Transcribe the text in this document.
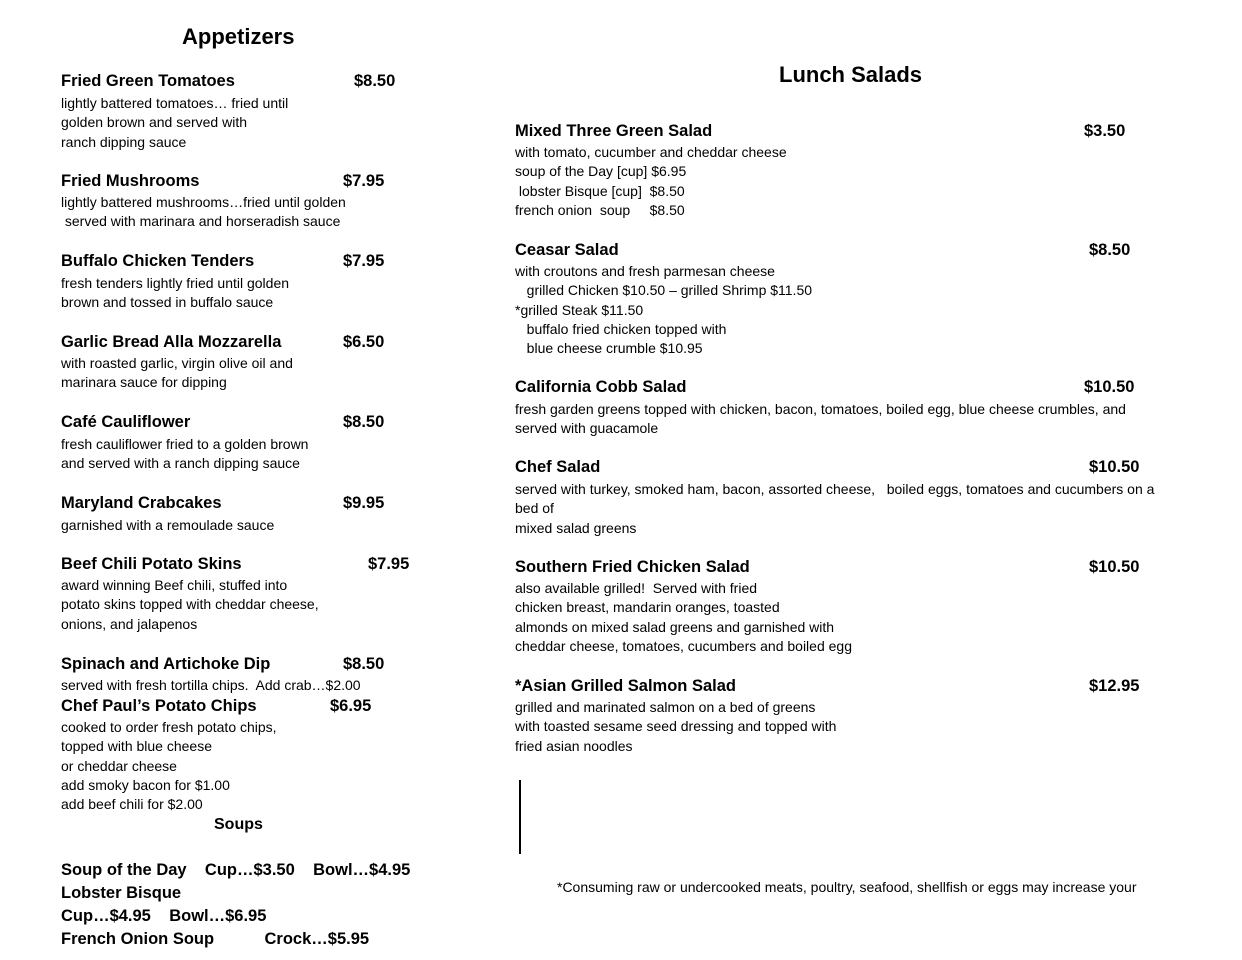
Appetizers
Fried Green Tomatoes	$8.50
lightly battered tomatoes… fried until
golden brown and served with
ranch dipping sauce
Fried Mushrooms	$7.95
lightly battered mushrooms…fried until golden
served with marinara and horseradish sauce
Buffalo Chicken Tenders	$7.95
fresh tenders lightly fried until golden
brown and tossed in buffalo sauce
Garlic Bread Alla Mozzarella	$6.50
with roasted garlic, virgin olive oil and
marinara sauce for dipping
Café Cauliflower	$8.50
fresh cauliflower fried to a golden brown
and served with a ranch dipping sauce
Maryland Crabcakes	$9.95
garnished with a remoulade sauce
Beef Chili Potato Skins	$7.95
award winning Beef chili, stuffed into
potato skins topped with cheddar cheese,
onions, and jalapenos
Spinach and Artichoke Dip	$8.50
served with fresh tortilla chips.  Add crab…$2.00
Chef Paul’s Potato Chips	$6.95
cooked to order fresh potato chips,
topped with blue cheese
or cheddar cheese
add smoky bacon for $1.00
add beef chili for $2.00
Soups
Soup of the Day    Cup…$3.50    Bowl…$4.95
Lobster Bisque
Cup…$4.95    Bowl…$6.95
French Onion Soup           Crock…$5.95
Lunch Salads
Mixed Three Green Salad	$3.50
with tomato, cucumber and cheddar cheese
soup of the Day [cup] $6.95
lobster Bisque [cup]  $8.50
french onion  soup     $8.50
Ceasar Salad	$8.50
with croutons and fresh parmesan cheese
grilled Chicken $10.50 – grilled Shrimp $11.50
*grilled Steak $11.50
buffalo fried chicken topped with
blue cheese crumble $10.95
California Cobb Salad	$10.50
fresh garden greens topped with chicken, bacon, tomatoes, boiled egg, blue cheese crumbles, and
served with guacamole
Chef Salad	$10.50
served with turkey, smoked ham, bacon, assorted cheese,   boiled eggs, tomatoes and cucumbers on a
bed of
mixed salad greens
Southern Fried Chicken Salad	$10.50
also available grilled!  Served with fried
chicken breast, mandarin oranges, toasted
almonds on mixed salad greens and garnished with
cheddar cheese, tomatoes, cucumbers and boiled egg
*Asian Grilled Salmon Salad	$12.95
grilled and marinated salmon on a bed of greens
with toasted sesame seed dressing and topped with
fried asian noodles
*Consuming raw or undercooked meats, poultry, seafood, shellfish or eggs may increase your
